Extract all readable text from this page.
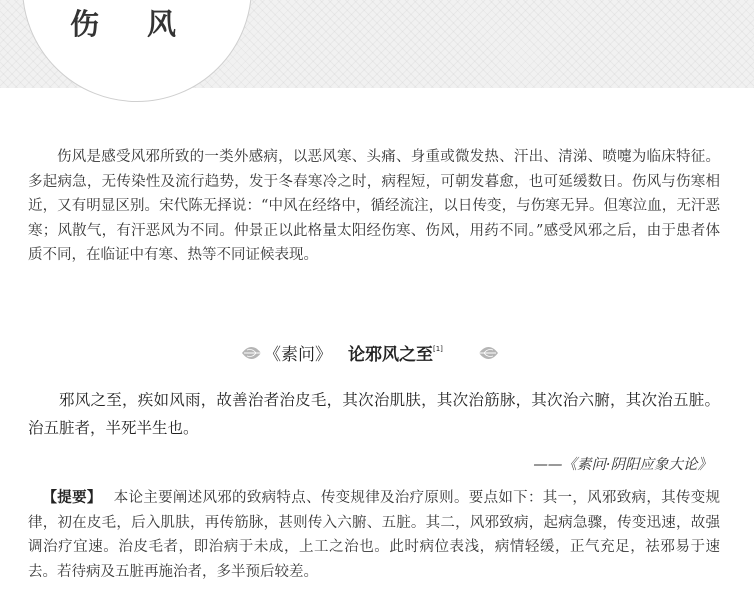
伤风

伤风是感受风邪所致的一类外感病，以恶风寒、头痛、身重或微发热、汗出、清涕、喷嚏为临床特征。多起病急，无传染性及流行趋势，发于冬春寒冷之时，病程短，可朝发暮愈，也可延缓数日。伤风与伤寒相近，又有明显区别。宋代陈无择说：“中风在经络中，循经流注，以日传变，与伤寒无异。但寒泣血，无汗恶寒；风散气，有汗恶风为不同。仲景正以此格量太阳经伤寒、伤风，用药不同。”感受风邪之后，由于患者体质不同，在临证中有寒、热等不同证候表现。

《素问》 论邪风之至[1]

邪风之至，疾如风雨，故善治者治皮毛，其次治肌肤，其次治筋脉，其次治六腑，其次治五脏。治五脏者，半死半生也。

——《素问·阴阳应象大论》

【提要】 本论主要阐述风邪的致病特点、传变规律及治疗原则。要点如下：其一，风邪致病，其传变规律，初在皮毛，后入肌肤，再传筋脉，甚则传入六腑、五脏。其二，风邪致病，起病急骤，传变迅速，故强调治疗宜速。治皮毛者，即治病于未成，上工之治也。此时病位表浅，病情轻缓，正气充足，祛邪易于速去。若待病及五脏再施治者，多半预后较差。
